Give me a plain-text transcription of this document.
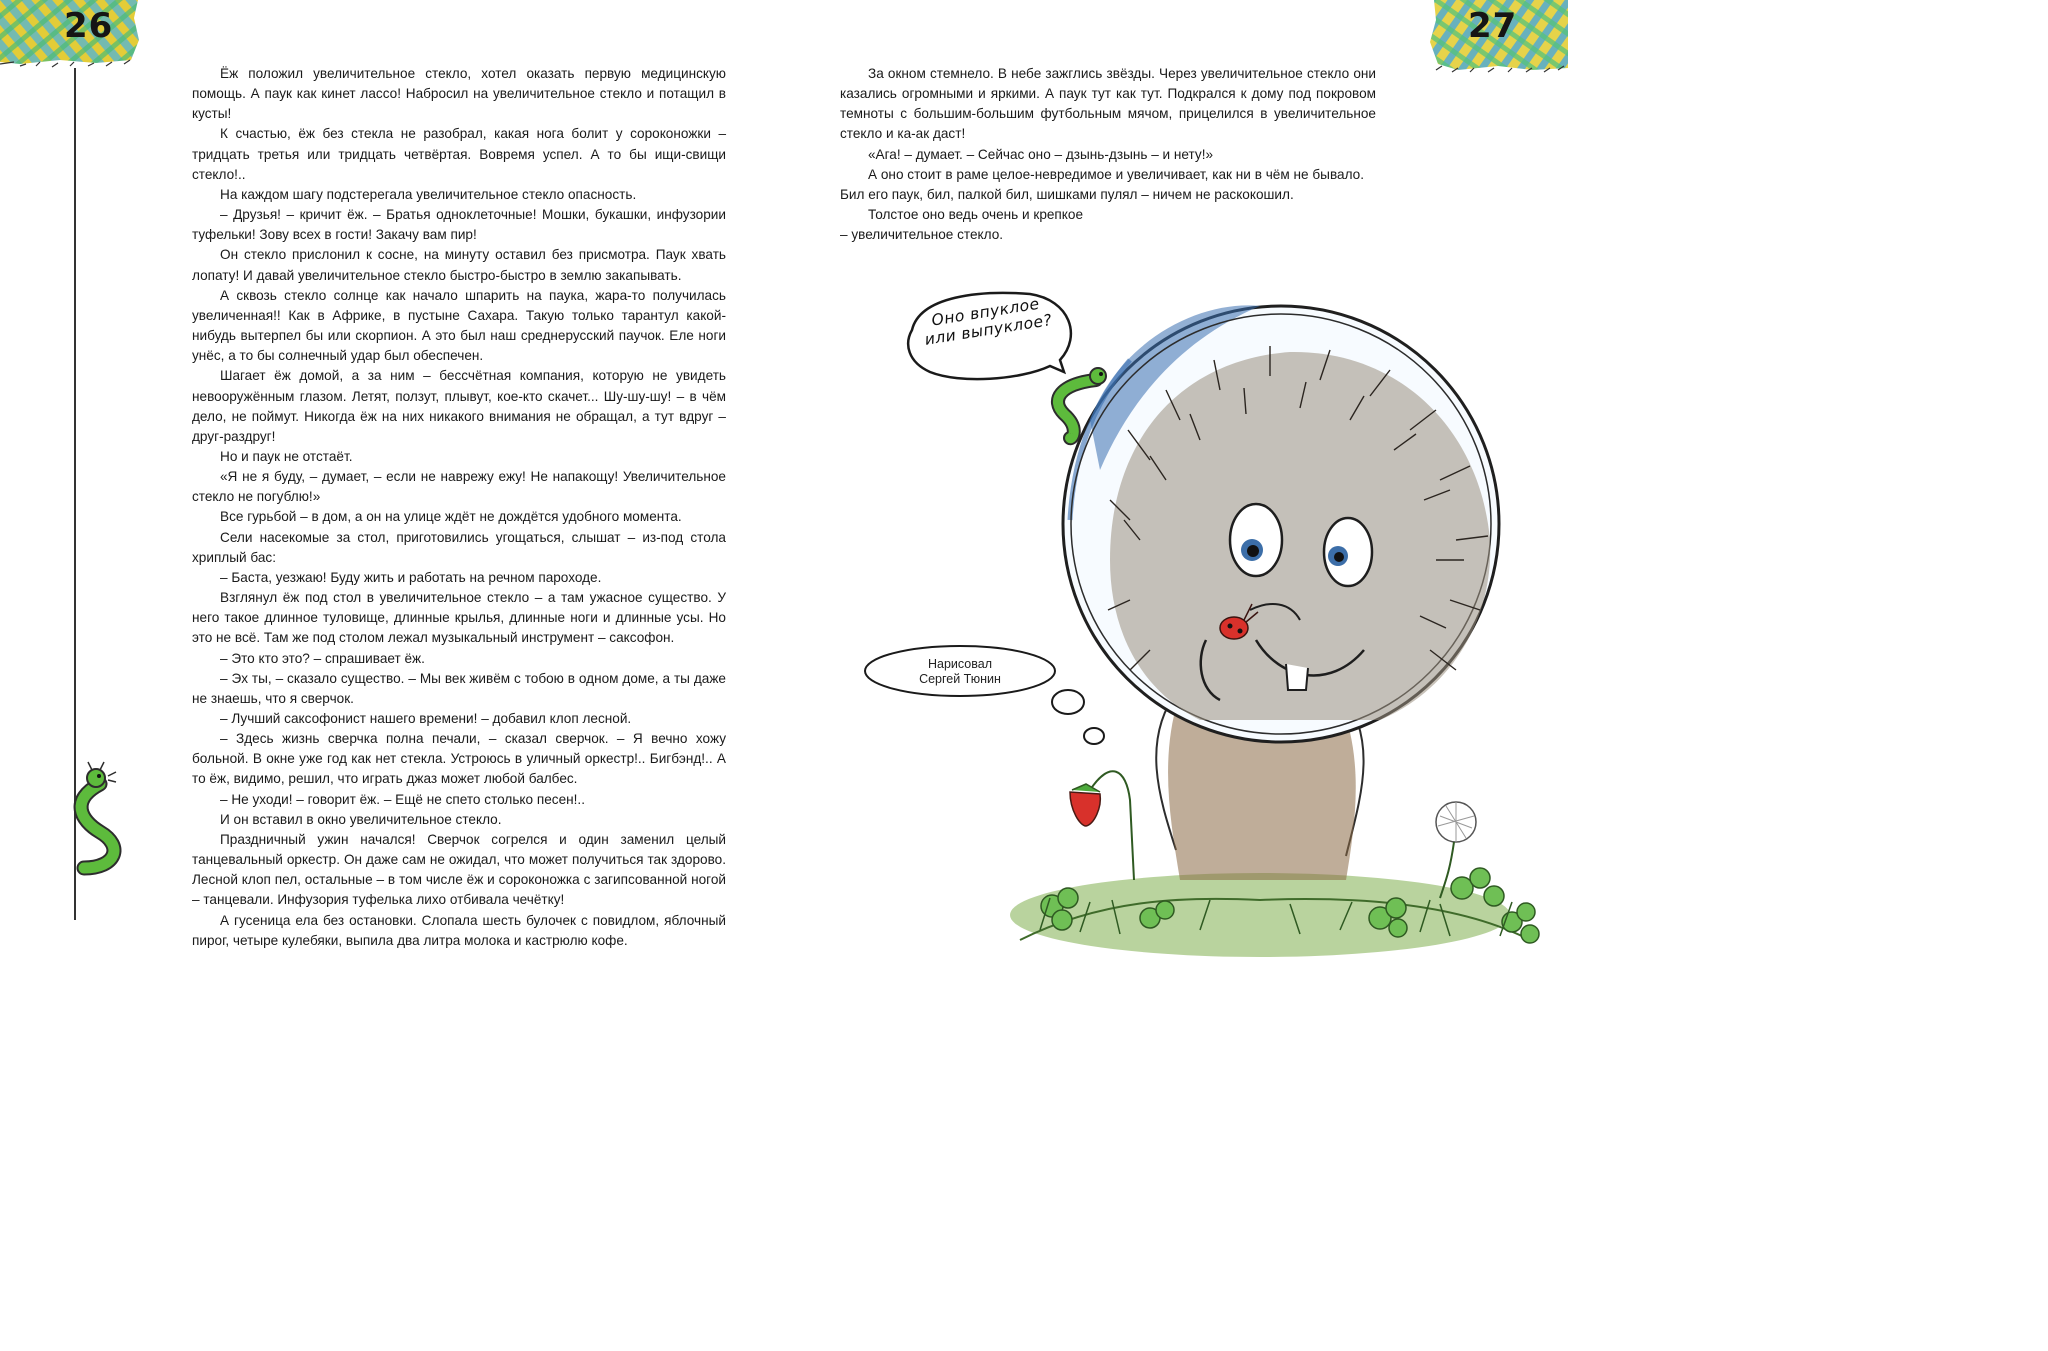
26	27

Ёж положил увеличительное стекло, хотел оказать первую медицинскую помощь. А паук как кинет лассо! Набросил на увеличительное стекло и потащил в кусты!

К счастью, ёж без стекла не разобрал, какая нога болит у сороконожки – тридцать третья или тридцать четвёртая. Вовремя успел. А то бы ищи-свищи стекло!..

На каждом шагу подстерегала увеличительное стекло опасность.

– Друзья! – кричит ёж. – Братья одноклеточные! Мошки, букашки, инфузории туфельки! Зову всех в гости! Закачу вам пир!

Он стекло прислонил к сосне, на минуту оставил без присмотра. Паук хвать лопату! И давай увеличительное стекло быстро-быстро в землю закапывать.

А сквозь стекло солнце как начало шпарить на паука, жара-то получилась увеличенная!! Как в Африке, в пустыне Сахара. Такую только тарантул какой-нибудь вытерпел бы или скорпион. А это был наш среднерусский паучок. Еле ноги унёс, а то бы солнечный удар был обеспечен.

Шагает ёж домой, а за ним – бессчётная компания, которую не увидеть невооружённым глазом. Летят, ползут, плывут, кое-кто скачет... Шу-шу-шу! – в чём дело, не поймут. Никогда ёж на них никакого внимания не обращал, а тут вдруг – друг-раздруг!

Но и паук не отстаёт.

«Я не я буду, – думает, – если не наврежу ежу! Не напакощу! Увеличительное стекло не погублю!»

Все гурьбой – в дом, а он на улице ждёт не дождётся удобного момента.

Сели насекомые за стол, приготовились угощаться, слышат – из-под стола хриплый бас:

– Баста, уезжаю! Буду жить и работать на речном пароходе.

Взглянул ёж под стол в увеличительное стекло – а там ужасное существо. У него такое длинное туловище, длинные крылья, длинные ноги и длинные усы. Но это не всё. Там же под столом лежал музыкальный инструмент – саксофон.

– Это кто это? – спрашивает ёж.

– Эх ты, – сказало существо. – Мы век живём с тобою в одном доме, а ты даже не знаешь, что я сверчок.

– Лучший саксофонист нашего времени! – добавил клоп лесной.

– Здесь жизнь сверчка полна печали, – сказал сверчок. – Я вечно хожу больной. В окне уже год как нет стекла. Устроюсь в уличный оркестр!.. Бигбэнд!.. А то ёж, видимо, решил, что играть джаз может любой балбес.

– Не уходи! – говорит ёж. – Ещё не спето столько песен!..

И он вставил в окно увеличительное стекло.

Праздничный ужин начался! Сверчок согрелся и один заменил целый танцевальный оркестр. Он даже сам не ожидал, что может получиться так здорово. Лесной клоп пел, остальные – в том числе ёж и сороконожка с загипсованной ногой – танцевали. Инфузория туфелька лихо отбивала чечётку!

А гусеница ела без остановки. Слопала шесть булочек с повидлом, яблочный пирог, четыре кулебяки, выпила два литра молока и кастрюлю кофе.

За окном стемнело. В небе зажглись звёзды. Через увеличительное стекло они казались огромными и яркими. А паук тут как тут. Подкрался к дому под покровом темноты с большим-большим футбольным мячом, прицелился в увеличительное стекло и ка-ак даст!

«Ага! – думает. – Сейчас оно – дзынь-дзынь – и нету!»

А оно стоит в раме целое-невредимое и увеличивает, как ни в чём не бывало. Бил его паук, бил, палкой бил, шишками пулял – ничем не раскокошил.

Толстое оно ведь очень и крепкое – увеличительное стекло.

Оно впуклое или выпуклое?
Нарисовал
Сергей Тюнин
